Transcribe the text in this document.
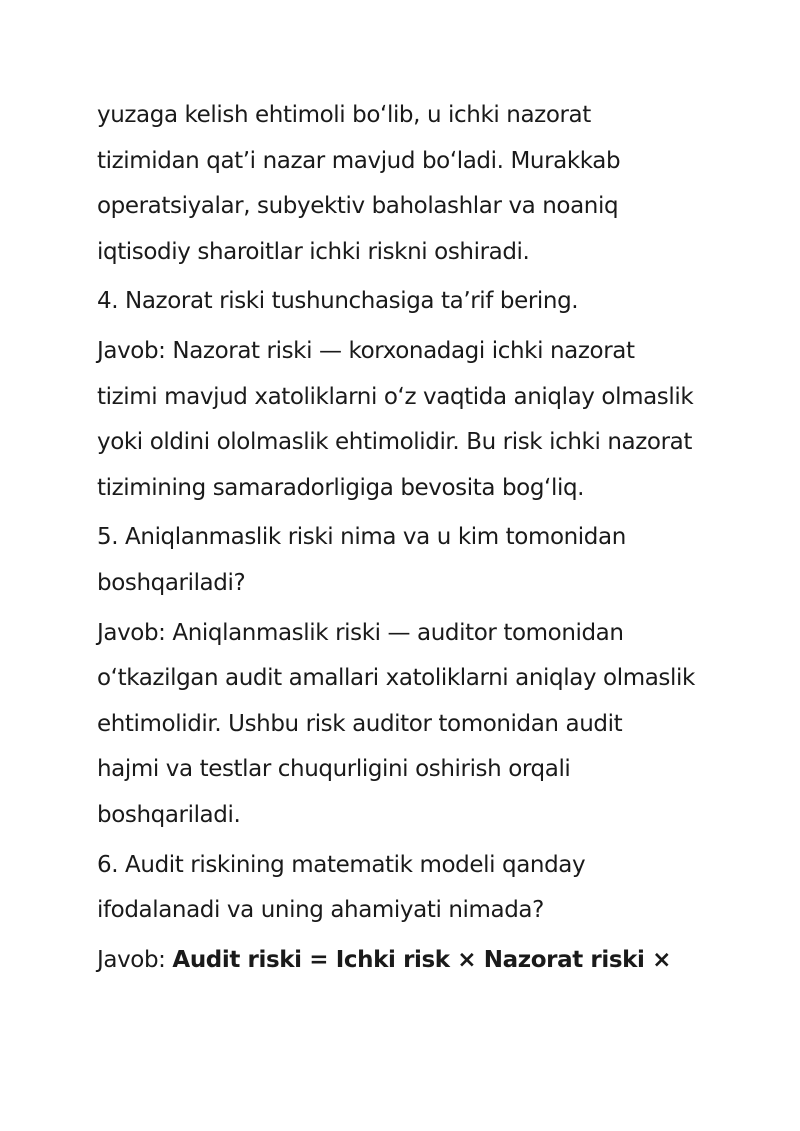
yuzaga kelish ehtimoli boʻlib, u ichki nazorat
tizimidan qatʼi nazar mavjud boʻladi. Murakkab
operatsiyalar, subyektiv baholashlar va noaniq
iqtisodiy sharoitlar ichki riskni oshiradi.
4. Nazorat riski tushunchasiga taʼrif bering.
Javob: Nazorat riski — korxonadagi ichki nazorat
tizimi mavjud xatoliklarni oʻz vaqtida aniqlay olmaslik
yoki oldini ololmaslik ehtimolidir. Bu risk ichki nazorat
tizimining samaradorligiga bevosita bogʻliq.
5. Aniqlanmaslik riski nima va u kim tomonidan
boshqariladi?
Javob: Aniqlanmaslik riski — auditor tomonidan
oʻtkazilgan audit amallari xatoliklarni aniqlay olmaslik
ehtimolidir. Ushbu risk auditor tomonidan audit
hajmi va testlar chuqurligini oshirish orqali
boshqariladi.
6. Audit riskining matematik modeli qanday
ifodalanadi va uning ahamiyati nimada?
Javob: Audit riski = Ichki risk × Nazorat riski ×
